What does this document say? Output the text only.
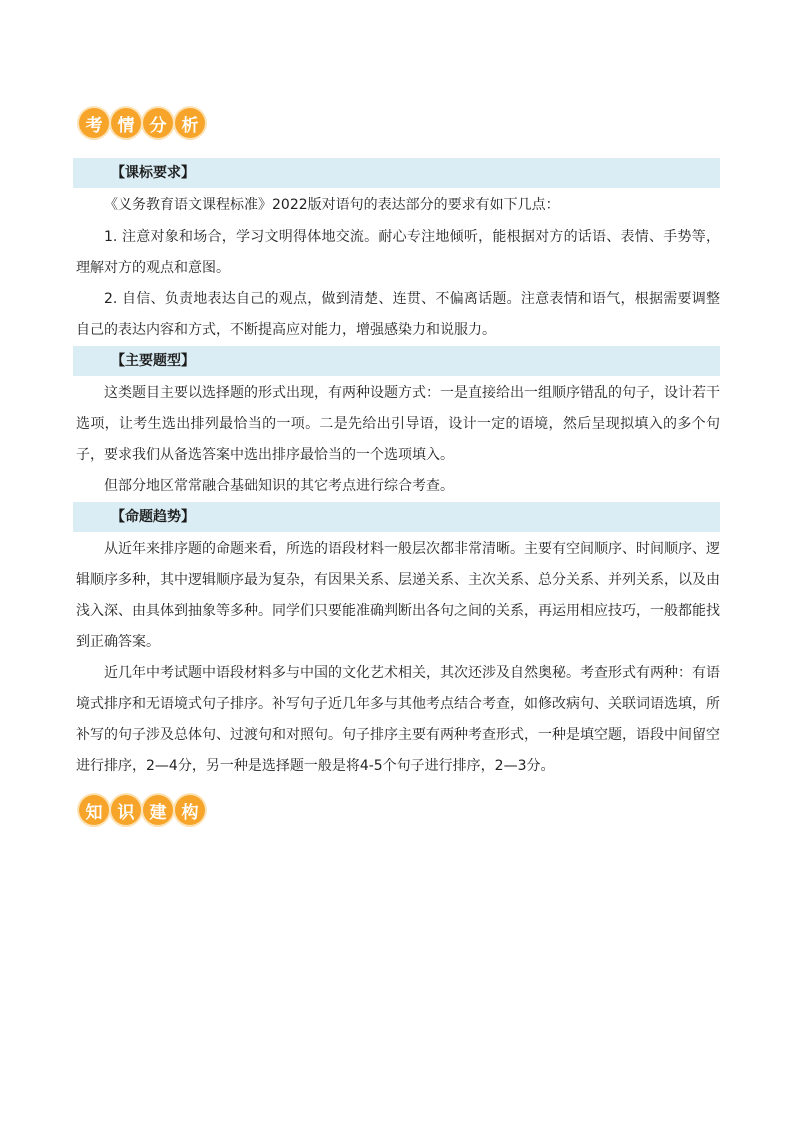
考 情 分 析
【课标要求】

《义务教育语文课程标准》2022版对语句的表达部分的要求有如下几点：

1. 注意对象和场合，学习文明得体地交流。耐心专注地倾听，能根据对方的话语、表情、手势等，理解对方的观点和意图。

2. 自信、负责地表达自己的观点，做到清楚、连贯、不偏离话题。注意表情和语气，根据需要调整自己的表达内容和方式，不断提高应对能力，增强感染力和说服力。

【主要题型】

这类题目主要以选择题的形式出现，有两种设题方式：一是直接给出一组顺序错乱的句子，设计若干选项，让考生选出排列最恰当的一项。二是先给出引导语，设计一定的语境，然后呈现拟填入的多个句子，要求我们从备选答案中选出排序最恰当的一个选项填入。

但部分地区常常融合基础知识的其它考点进行综合考查。

【命题趋势】

从近年来排序题的命题来看，所选的语段材料一般层次都非常清晰。主要有空间顺序、时间顺序、逻辑顺序多种，其中逻辑顺序最为复杂，有因果关系、层递关系、主次关系、总分关系、并列关系，以及由浅入深、由具体到抽象等多种。同学们只要能准确判断出各句之间的关系，再运用相应技巧，一般都能找到正确答案。

近几年中考试题中语段材料多与中国的文化艺术相关，其次还涉及自然奥秘。考查形式有两种：有语境式排序和无语境式句子排序。补写句子近几年多与其他考点结合考查，如修改病句、关联词语选填，所补写的句子涉及总体句、过渡句和对照句。句子排序主要有两种考查形式，一种是填空题，语段中间留空进行排序，2—4分，另一种是选择题一般是将4-5个句子进行排序，2—3分。

知 识 建 构
